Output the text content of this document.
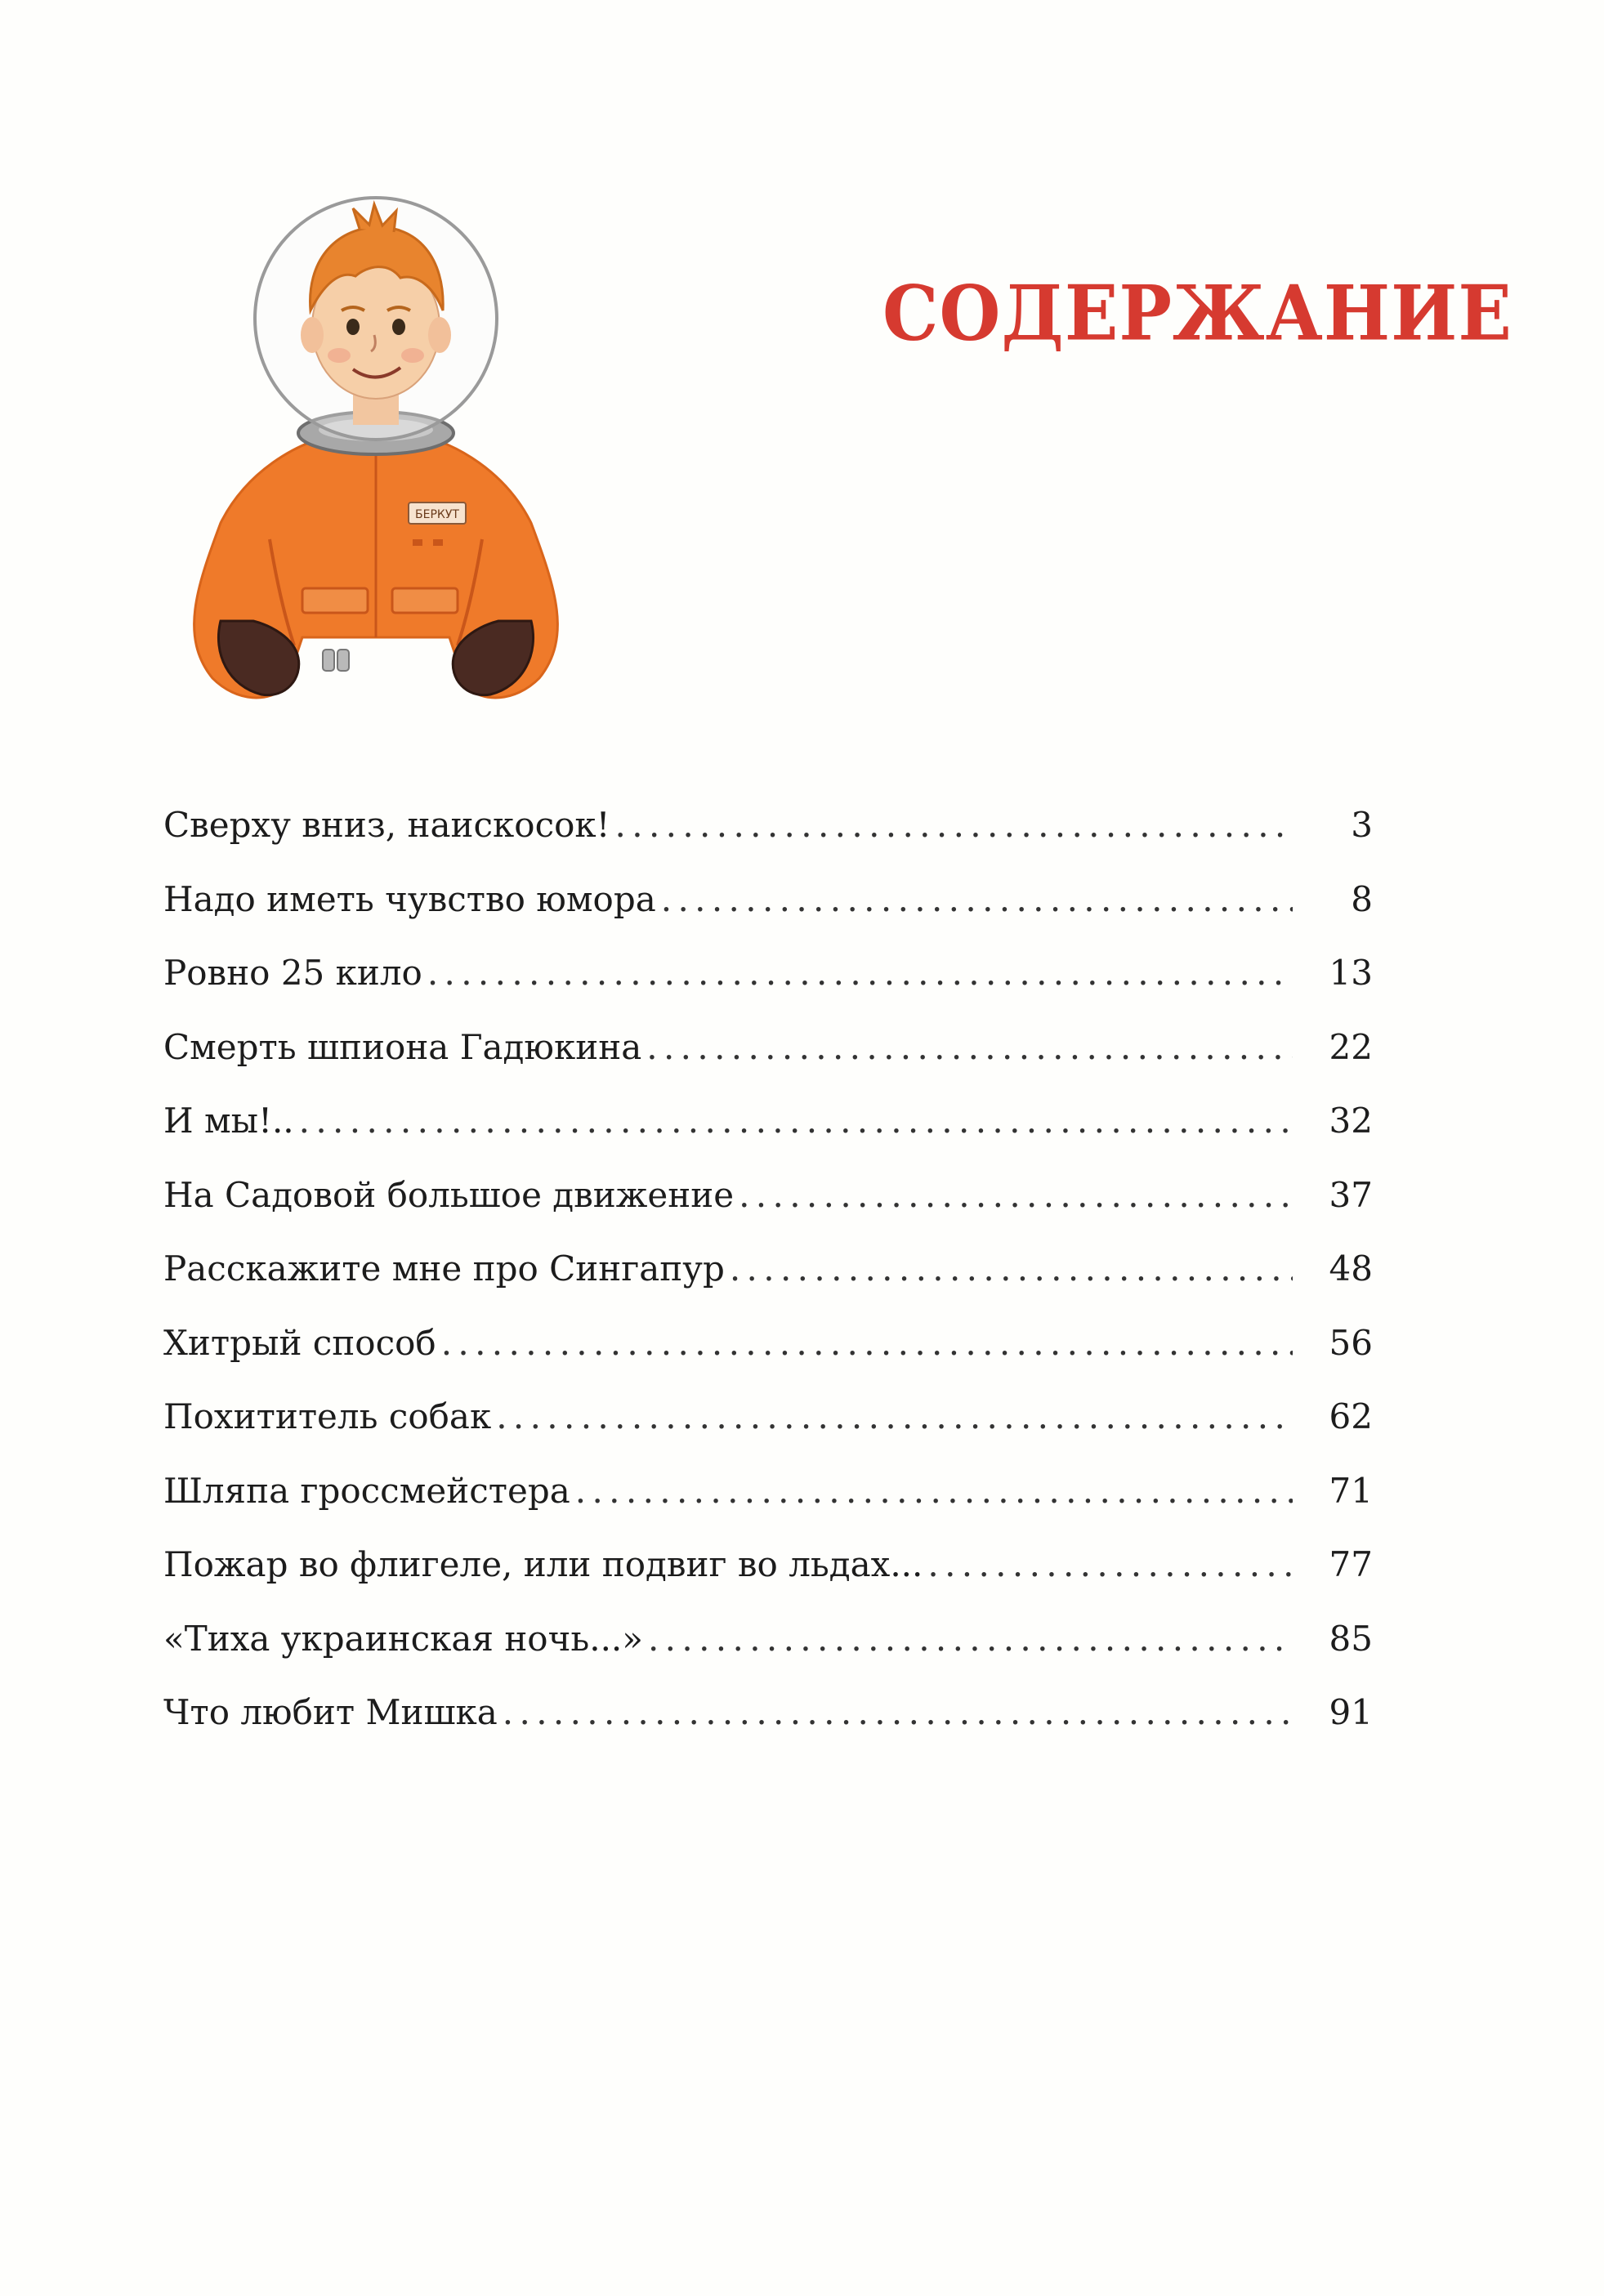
БЕРКУТ
СОДЕРЖАНИЕ
Сверху вниз, наискосок! . . .	3
Надо иметь чувство юмора . . .	8
Ровно 25 кило . . .	13
Смерть шпиона Гадюкина . . .	22
И мы!.. . . .	32
На Садовой большое движение . . .	37
Расскажите мне про Сингапур . . .	48
Хитрый способ . . .	56
Похититель собак . . .	62
Шляпа гроссмейстера . . .	71
Пожар во флигеле, или подвиг во льдах... . . .	77
«Тиха украинская ночь...» . . .	85
Что любит Мишка . . .	91
